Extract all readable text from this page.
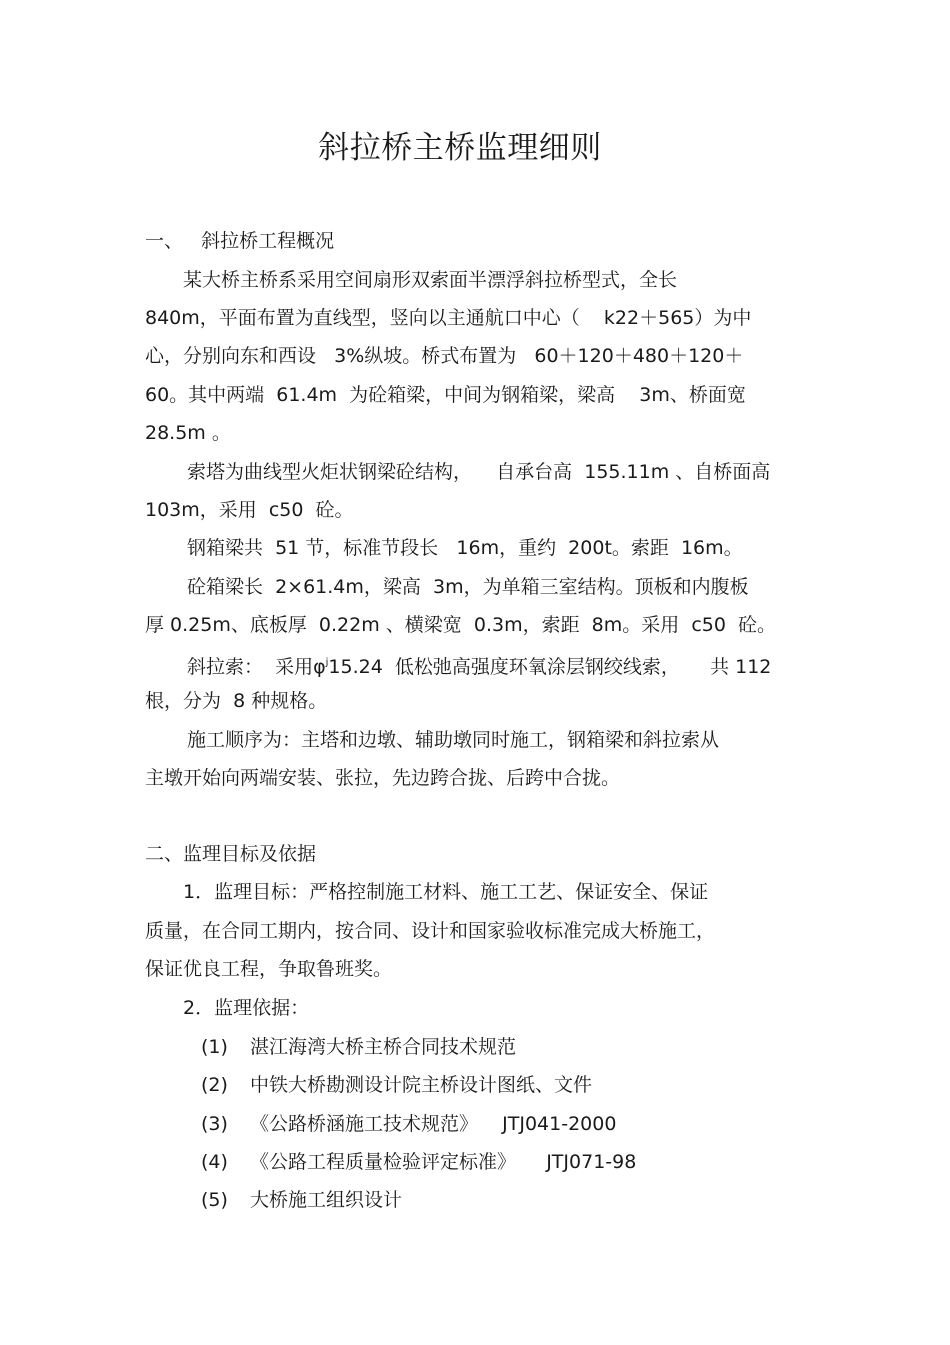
斜拉桥主桥监理细则
一、   斜拉桥工程概况
某大桥主桥系采用空间扇形双索面半漂浮斜拉桥型式，全长
840m，平面布置为直线型，竖向以主通航口中心（    k22＋565）为中
心，分别向东和西设   3%纵坡。桥式布置为   60＋120＋480＋120＋
60。其中两端  61.4m  为砼箱梁，中间为钢箱梁，梁高    3m、桥面宽
28.5m 。
索塔为曲线型火炬状钢梁砼结构，    自承台高  155.11m 、自桥面高
103m，采用  c50  砼。
钢箱梁共  51 节，标准节段长   16m，重约  200t。索距  16m。
砼箱梁长  2×61.4m，梁高  3m，为单箱三室结构。顶板和内腹板
厚 0.25m、底板厚  0.22m 、横梁宽  0.3m，索距  8m。采用  c50  砼。
斜拉索：  采用$\varphi^j15.24$  低松弛高强度环氧涂层钢绞线索，     共 112
根，分为  8 种规格。
施工顺序为：主塔和边墩、辅助墩同时施工，钢箱梁和斜拉索从
主墩开始向两端安装、张拉，先边跨合拢、后跨中合拢。
二、监理目标及依据
1．监理目标：严格控制施工材料、施工工艺、保证安全、保证
质量，在合同工期内，按合同、设计和国家验收标准完成大桥施工，
保证优良工程，争取鲁班奖。
2．监理依据：
(1) 湛江海湾大桥主桥合同技术规范
(2) 中铁大桥勘测设计院主桥设计图纸、文件
(3) 《公路桥涵施工技术规范》    JTJ041-2000
(4) 《公路工程质量检验评定标准》     JTJ071-98
(5) 大桥施工组织设计
